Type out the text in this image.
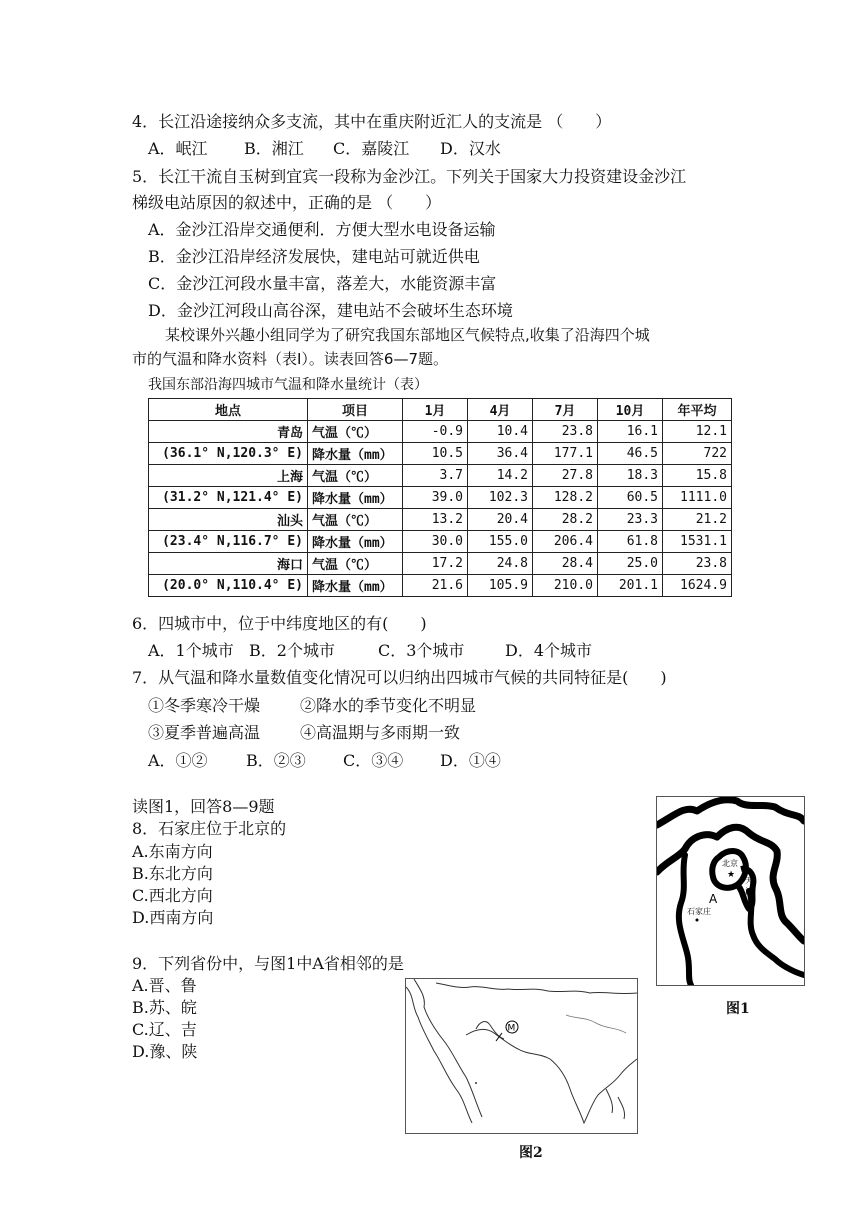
4．长江沿途接纳众多支流，其中在重庆附近汇人的支流是 （　　）
A．岷江 B．湘江 C．嘉陵江 D．汉水
5．长江干流自玉树到宜宾一段称为金沙江。下列关于国家大力投资建设金沙江
梯级电站原因的叙述中，正确的是 （　　）
A．金沙江沿岸交通便利．方便大型水电设备运输
B．金沙江沿岸经济发展快，建电站可就近供电
C．金沙江河段水量丰富，落差大，水能资源丰富
D．金沙江河段山高谷深，建电站不会破坏生态环境
某校课外兴趣小组同学为了研究我国东部地区气候特点,收集了沿海四个城
市的气温和降水资料（表Ⅰ）。读表回答6—7题。
我国东部沿海四城市气温和降水量统计（表）
地点	项目	1月	4月	7月	10月	年平均
青岛	气温（℃）	-0.9	10.4	23.8	16.1	12.1
(36.1° N,120.3° E)	降水量（mm）	10.5	36.4	177.1	46.5	722
上海	气温（℃）	3.7	14.2	27.8	18.3	15.8
(31.2° N,121.4° E)	降水量（mm）	39.0	102.3	128.2	60.5	1111.0
汕头	气温（℃）	13.2	20.4	28.2	23.3	21.2
(23.4° N,116.7° E)	降水量（mm）	30.0	155.0	206.4	61.8	1531.1
海口	气温（℃）	17.2	24.8	28.4	25.0	23.8
(20.0° N,110.4° E)	降水量（mm）	21.6	105.9	210.0	201.1	1624.9
6．四城市中，位于中纬度地区的有(　　)
A．1个城市 B．2个城市	C．3个城市	D．4个城市
7．从气温和降水量数值变化情况可以归纳出四城市气候的共同特征是(　　)
①冬季寒冷干燥 ②降水的季节变化不明显
③夏季普遍高温 ④高温期与多雨期一致
A．①② B．②③ C．③④ D．①④
读图1，回答8—9题
8．石家庄位于北京的
A.东南方向
B.东北方向
C.西北方向
D.西南方向
9．下列省份中，与图1中A省相邻的是
A.晋、鲁
B.苏、皖
C.辽、吉
D.豫、陕
北京
★
天
津
A
石家庄
图1
M
图2
